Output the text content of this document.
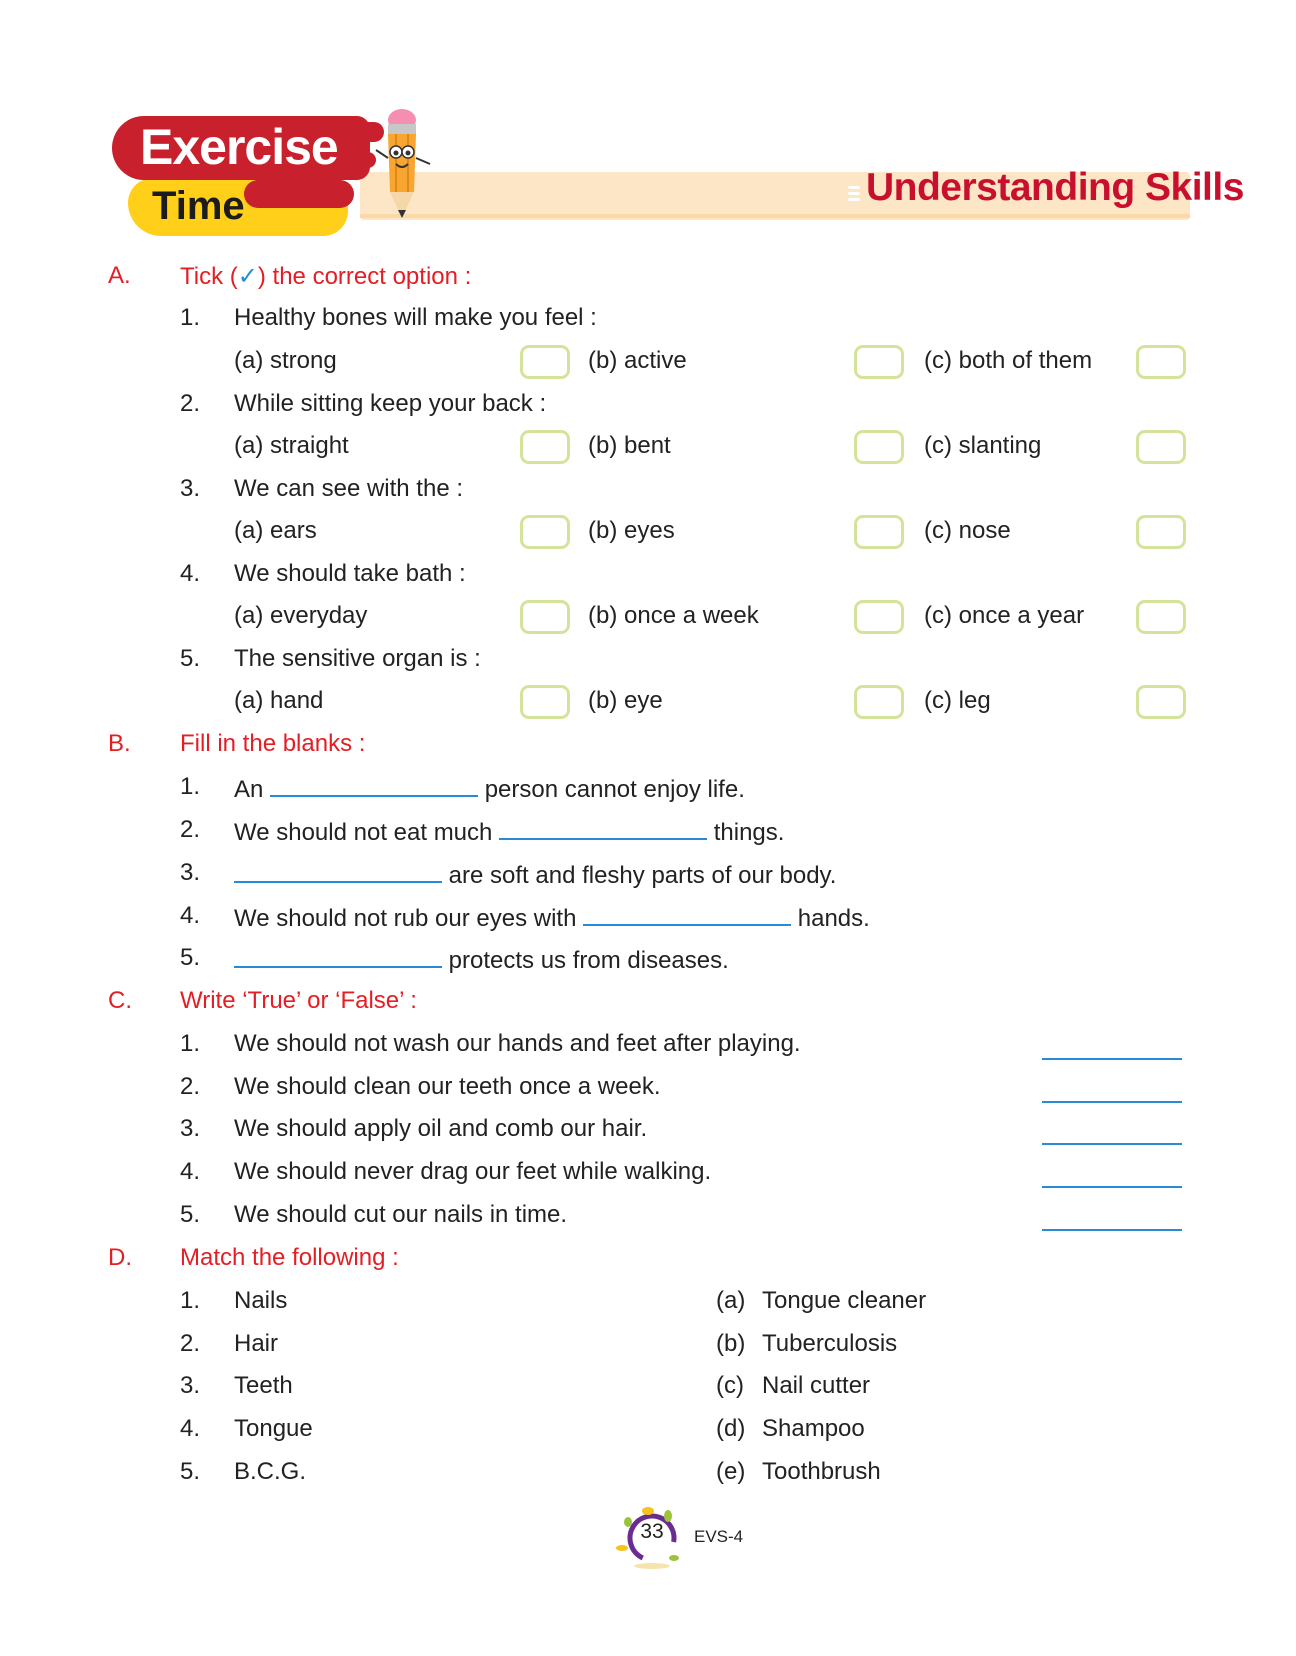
Understanding Skills
Exercise
Time
A. Tick (✓) the correct option :
1. Healthy bones will make you feel :
(a) strong	(b) active	(c) both of them
2. While sitting keep your back :
(a) straight	(b) bent	(c) slanting
3. We can see with the :
(a) ears	(b) eyes	(c) nose
4. We should take bath :
(a) everyday	(b) once a week	(c) once a year
5. The sensitive organ is :
(a) hand	(b) eye	(c) leg
B. Fill in the blanks :
1. An	person cannot enjoy life.
2. We should not eat much	things.
3.	are soft and fleshy parts of our body.
4. We should not rub our eyes with	hands.
5.	protects us from diseases.
C. Write ‘True’ or ‘False’ :
1. We should not wash our hands and feet after playing.
2. We should clean our teeth once a week.
3. We should apply oil and comb our hair.
4. We should never drag our feet while walking.
5. We should cut our nails in time.
D. Match the following :
1. Nails	(a) Tongue cleaner
2. Hair	(b) Tuberculosis
3. Teeth	(c) Nail cutter
4. Tongue	(d) Shampoo
5. B.C.G.	(e) Toothbrush
33 EVS-4
